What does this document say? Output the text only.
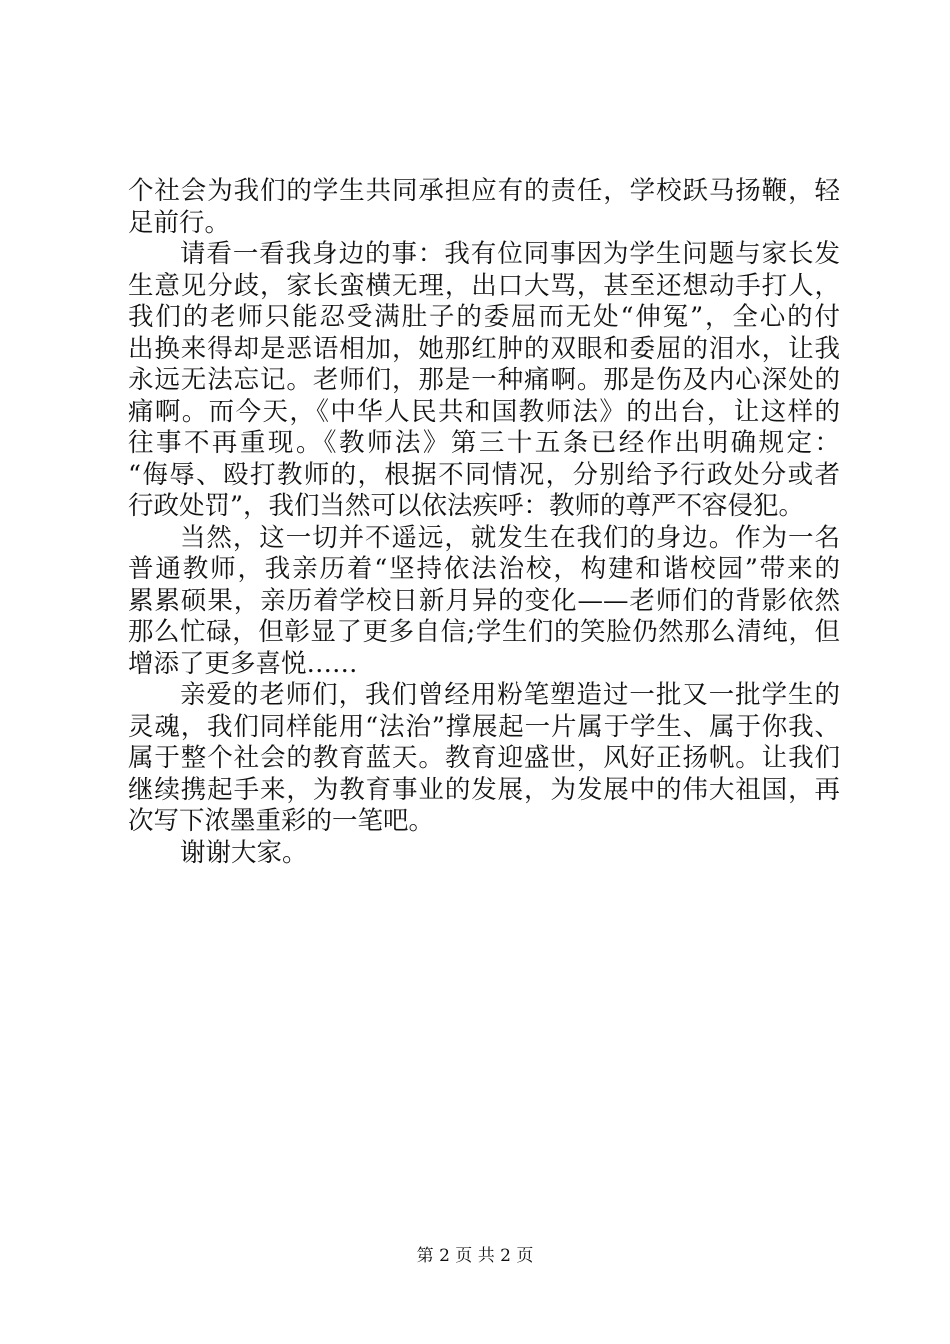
个社会为我们的学生共同承担应有的责任，学校跃马扬鞭，轻
足前行。
请看一看我身边的事：我有位同事因为学生问题与家长发
生意见分歧，家长蛮横无理，出口大骂，甚至还想动手打人，
我们的老师只能忍受满肚子的委屈而无处“伸冤”，全心的付
出换来得却是恶语相加，她那红肿的双眼和委屈的泪水，让我
永远无法忘记。老师们，那是一种痛啊。那是伤及内心深处的
痛啊。而今天，《中华人民共和国教师法》的出台，让这样的
往事不再重现。《教师法》第三十五条已经作出明确规定：
“侮辱、殴打教师的，根据不同情况，分别给予行政处分或者
行政处罚”，我们当然可以依法疾呼：教师的尊严不容侵犯。
当然，这一切并不遥远，就发生在我们的身边。作为一名
普通教师，我亲历着“坚持依法治校，构建和谐校园”带来的
累累硕果，亲历着学校日新月异的变化——老师们的背影依然
那么忙碌，但彰显了更多自信;学生们的笑脸仍然那么清纯，但
增添了更多喜悦……
亲爱的老师们，我们曾经用粉笔塑造过一批又一批学生的
灵魂，我们同样能用“法治”撑展起一片属于学生、属于你我、
属于整个社会的教育蓝天。教育迎盛世，风好正扬帆。让我们
继续携起手来，为教育事业的发展，为发展中的伟大祖国，再
次写下浓墨重彩的一笔吧。
谢谢大家。
第 2 页 共 2 页
